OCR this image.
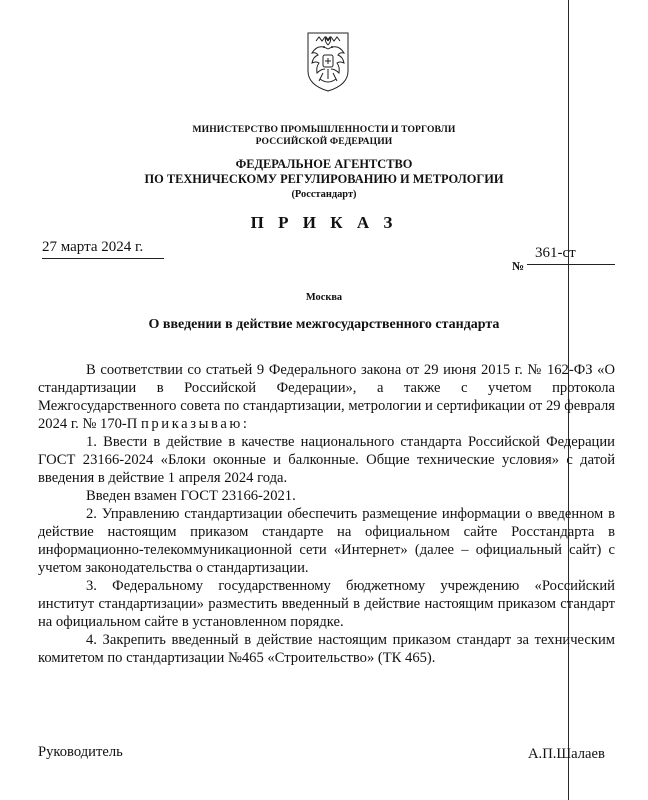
МИНИСТЕРСТВО ПРОМЫШЛЕННОСТИ И ТОРГОВЛИ
РОССИЙСКОЙ ФЕДЕРАЦИИ
ФЕДЕРАЛЬНОЕ АГЕНТСТВО
ПО ТЕХНИЧЕСКОМУ РЕГУЛИРОВАНИЮ И МЕТРОЛОГИИ
(Росстандарт)
П Р И К А З
27 марта 2024 г.
№
361-ст
Москва
О введении в действие межгосударственного стандарта

В соответствии со статьей 9 Федерального закона от 29 июня 2015 г. № 162-ФЗ «О стандартизации в Российской Федерации», а также с учетом протокола Межгосударственного совета по стандартизации, метрологии и сертификации от 29 февраля 2024 г. № 170-П приказываю:

1. Ввести в действие в качестве национального стандарта Российской Федерации ГОСТ 23166-2024 «Блоки оконные и балконные. Общие технические условия» с датой введения в действие 1 апреля 2024 года.

Введен взамен ГОСТ 23166-2021.

2. Управлению стандартизации обеспечить размещение информации о введенном в действие настоящим приказом стандарте на официальном сайте Росстандарта в информационно-телекоммуникационной сети «Интернет» (далее – официальный сайт) с учетом законодательства о стандартизации.

3. Федеральному государственному бюджетному учреждению «Российский институт стандартизации» разместить введенный в действие настоящим приказом стандарт на официальном сайте в установленном порядке.

4. Закрепить введенный в действие настоящим приказом стандарт за техническим комитетом по стандартизации №465 «Строительство» (ТК 465).

Руководитель	А.П.Шалаев
